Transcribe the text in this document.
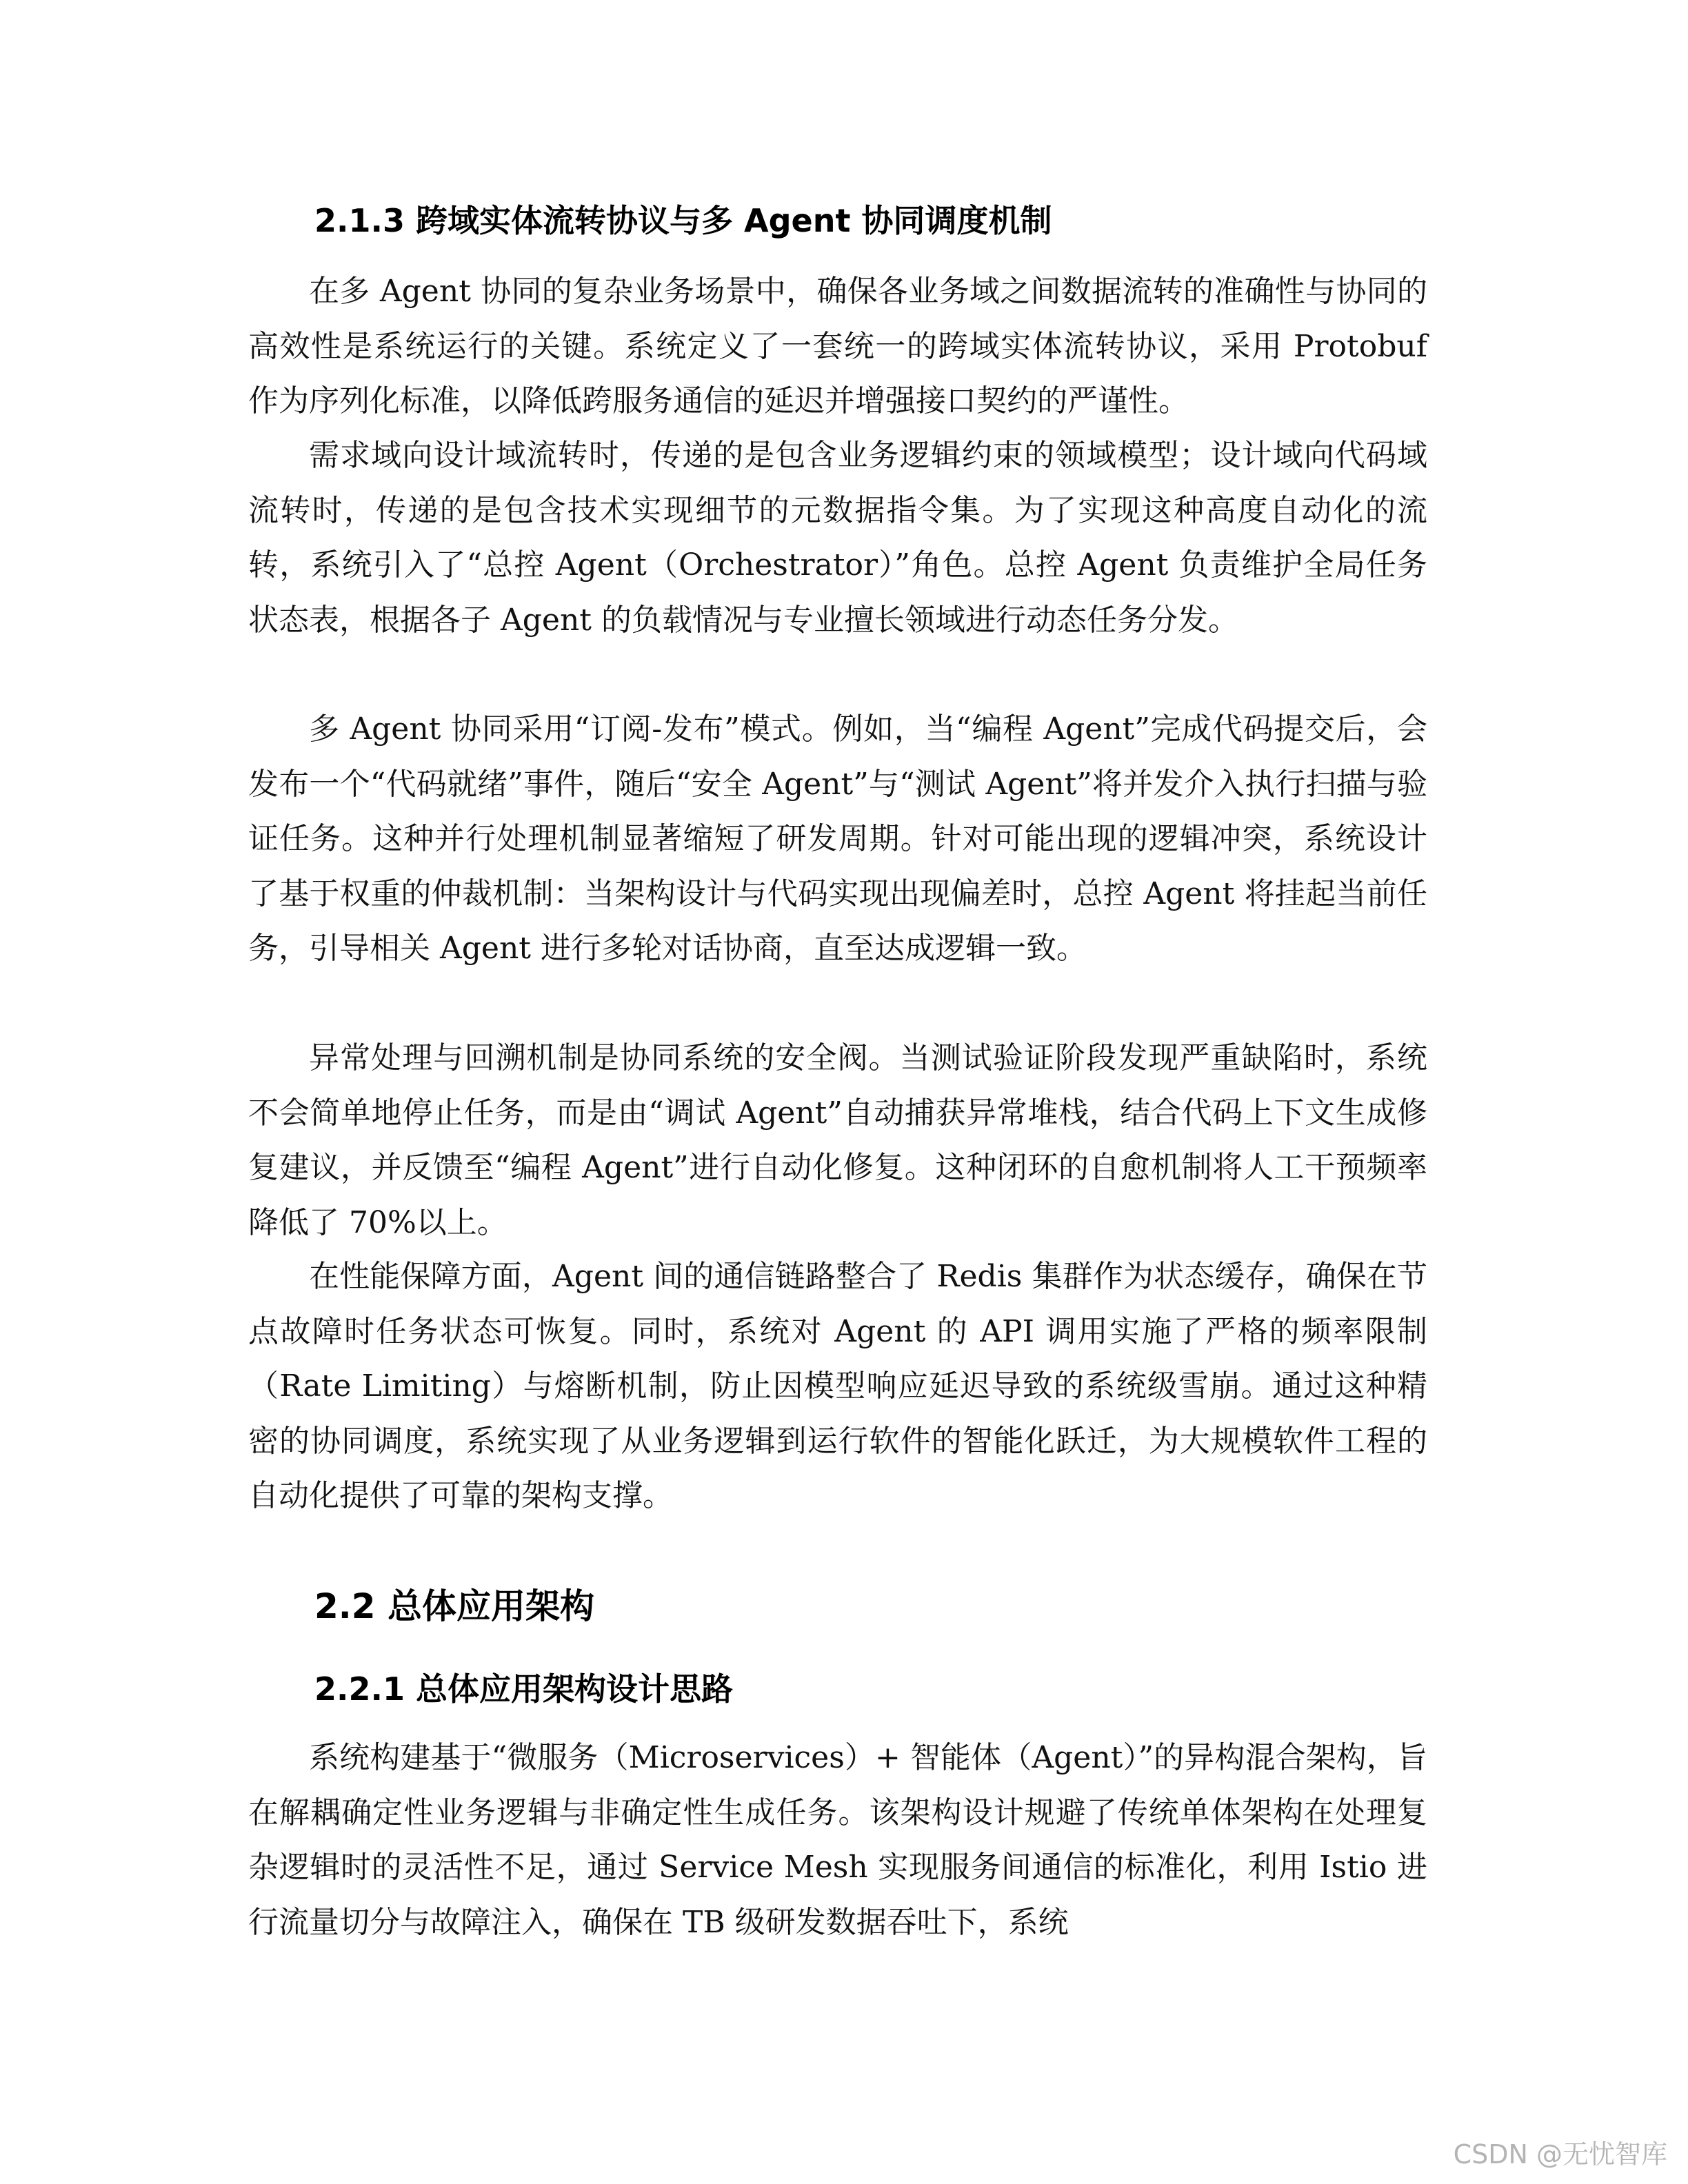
2.1.3 跨域实体流转协议与多 Agent 协同调度机制

在多 Agent 协同的复杂业务场景中，确保各业务域之间数据流转的准确性与协同的高效性是系统运行的关键。系统定义了一套统一的跨域实体流转协议，采用 Protobuf 作为序列化标准，以降低跨服务通信的延迟并增强接口契约的严谨性。

需求域向设计域流转时，传递的是包含业务逻辑约束的领域模型；设计域向代码域流转时，传递的是包含技术实现细节的元数据指令集。为了实现这种高度自动化的流转，系统引入了“总控 Agent（Orchestrator）”角色。总控 Agent 负责维护全局任务状态表，根据各子 Agent 的负载情况与专业擅长领域进行动态任务分发。

多 Agent 协同采用“订阅-发布”模式。例如，当“编程 Agent”完成代码提交后，会发布一个“代码就绪”事件，随后“安全 Agent”与“测试 Agent”将并发介入执行扫描与验证任务。这种并行处理机制显著缩短了研发周期。针对可能出现的逻辑冲突，系统设计了基于权重的仲裁机制：当架构设计与代码实现出现偏差时，总控 Agent 将挂起当前任务，引导相关 Agent 进行多轮对话协商，直至达成逻辑一致。

异常处理与回溯机制是协同系统的安全阀。当测试验证阶段发现严重缺陷时，系统不会简单地停止任务，而是由“调试 Agent”自动捕获异常堆栈，结合代码上下文生成修复建议，并反馈至“编程 Agent”进行自动化修复。这种闭环的自愈机制将人工干预频率降低了 70%以上。

在性能保障方面，Agent 间的通信链路整合了 Redis 集群作为状态缓存，确保在节点故障时任务状态可恢复。同时，系统对 Agent 的 API 调用实施了严格的频率限制（Rate Limiting）与熔断机制，防止因模型响应延迟导致的系统级雪崩。通过这种精密的协同调度，系统实现了从业务逻辑到运行软件的智能化跃迁，为大规模软件工程的自动化提供了可靠的架构支撑。

2.2 总体应用架构
2.2.1 总体应用架构设计思路

系统构建基于“微服务（Microservices）+ 智能体（Agent）”的异构混合架构，旨在解耦确定性业务逻辑与非确定性生成任务。该架构设计规避了传统单体架构在处理复杂逻辑时的灵活性不足，通过 Service Mesh 实现服务间通信的标准化，利用 Istio 进行流量切分与故障注入，确保在 TB 级研发数据吞吐下，系统

CSDN @无忧智库
